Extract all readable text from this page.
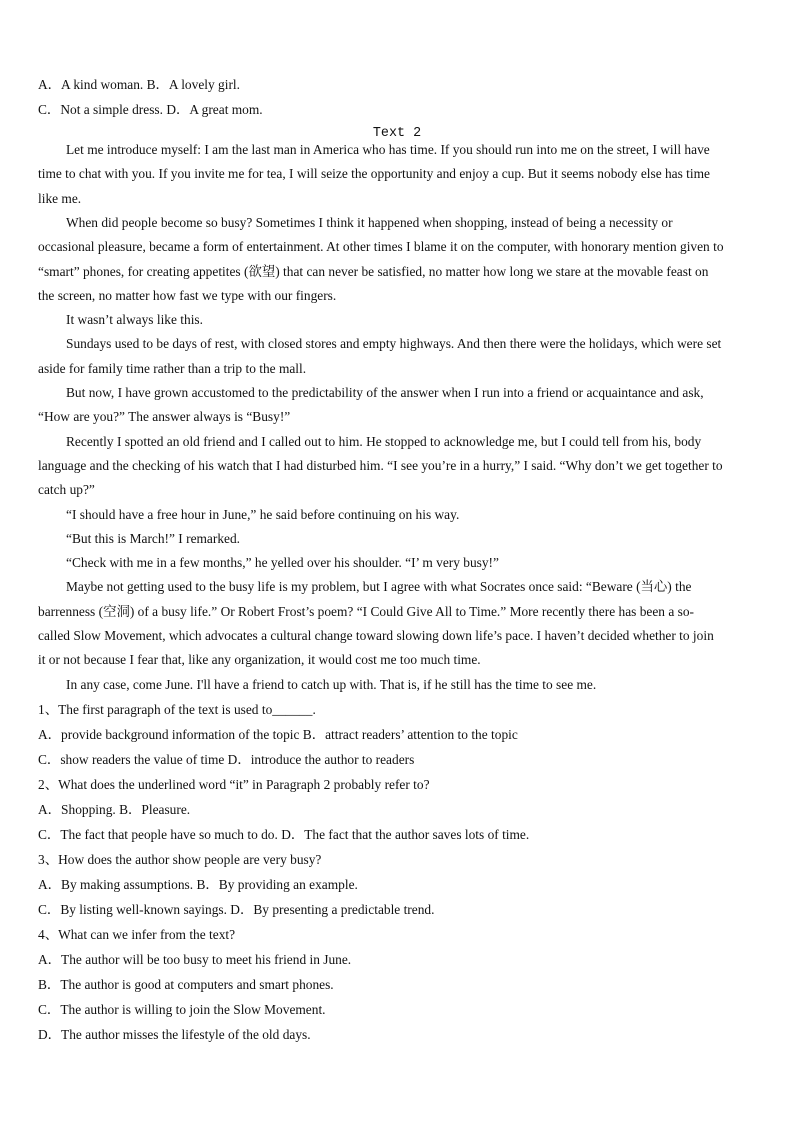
A．A kind woman. B．A lovely girl.
C．Not a simple dress. D．A great mom.
Text 2
Let me introduce myself: I am the last man in America who has time. If you should run into me on the street, I will have
time to chat with you. If you invite me for tea, I will seize the opportunity and enjoy a cup. But it seems nobody else has time
like me.
When did people become so busy? Sometimes I think it happened when shopping, instead of being a necessity or
occasional pleasure, became a form of entertainment. At other times I blame it on the computer, with honorary mention given to
“smart” phones, for creating appetites (欲望) that can never be satisfied, no matter how long we stare at the movable feast on
the screen, no matter how fast we type with our fingers.
It wasn’t always like this.
Sundays used to be days of rest, with closed stores and empty highways. And then there were the holidays, which were set
aside for family time rather than a trip to the mall.
But now, I have grown accustomed to the predictability of the answer when I run into a friend or acquaintance and ask,
“How are you?” The answer always is “Busy!”
Recently I spotted an old friend and I called out to him. He stopped to acknowledge me, but I could tell from his, body
language and the checking of his watch that I had disturbed him. “I see you’re in a hurry,” I said. “Why don’t we get together to
catch up?”
“I should have a free hour in June,” he said before continuing on his way.
“But this is March!” I remarked.
“Check with me in a few months,” he yelled over his shoulder. “I’ m very busy!”
Maybe not getting used to the busy life is my problem, but I agree with what Socrates once said: “Beware (当心) the
barrenness (空洞) of a busy life.” Or Robert Frost’s poem? “I Could Give All to Time.” More recently there has been a so-
called Slow Movement, which advocates a cultural change toward slowing down life’s pace. I haven’t decided whether to join
it or not because I fear that, like any organization, it would cost me too much time.
In any case, come June. I'll have a friend to catch up with. That is, if he still has the time to see me.
1、The first paragraph of the text is used to______.
A．provide background information of the topic B．attract readers’ attention to the topic
C．show readers the value of time D．introduce the author to readers
2、What does the underlined word “it” in Paragraph 2 probably refer to?
A．Shopping. B．Pleasure.
C．The fact that people have so much to do. D．The fact that the author saves lots of time.
3、How does the author show people are very busy?
A．By making assumptions. B．By providing an example.
C．By listing well-known sayings. D．By presenting a predictable trend.
4、What can we infer from the text?
A．The author will be too busy to meet his friend in June.
B．The author is good at computers and smart phones.
C．The author is willing to join the Slow Movement.
D．The author misses the lifestyle of the old days.
